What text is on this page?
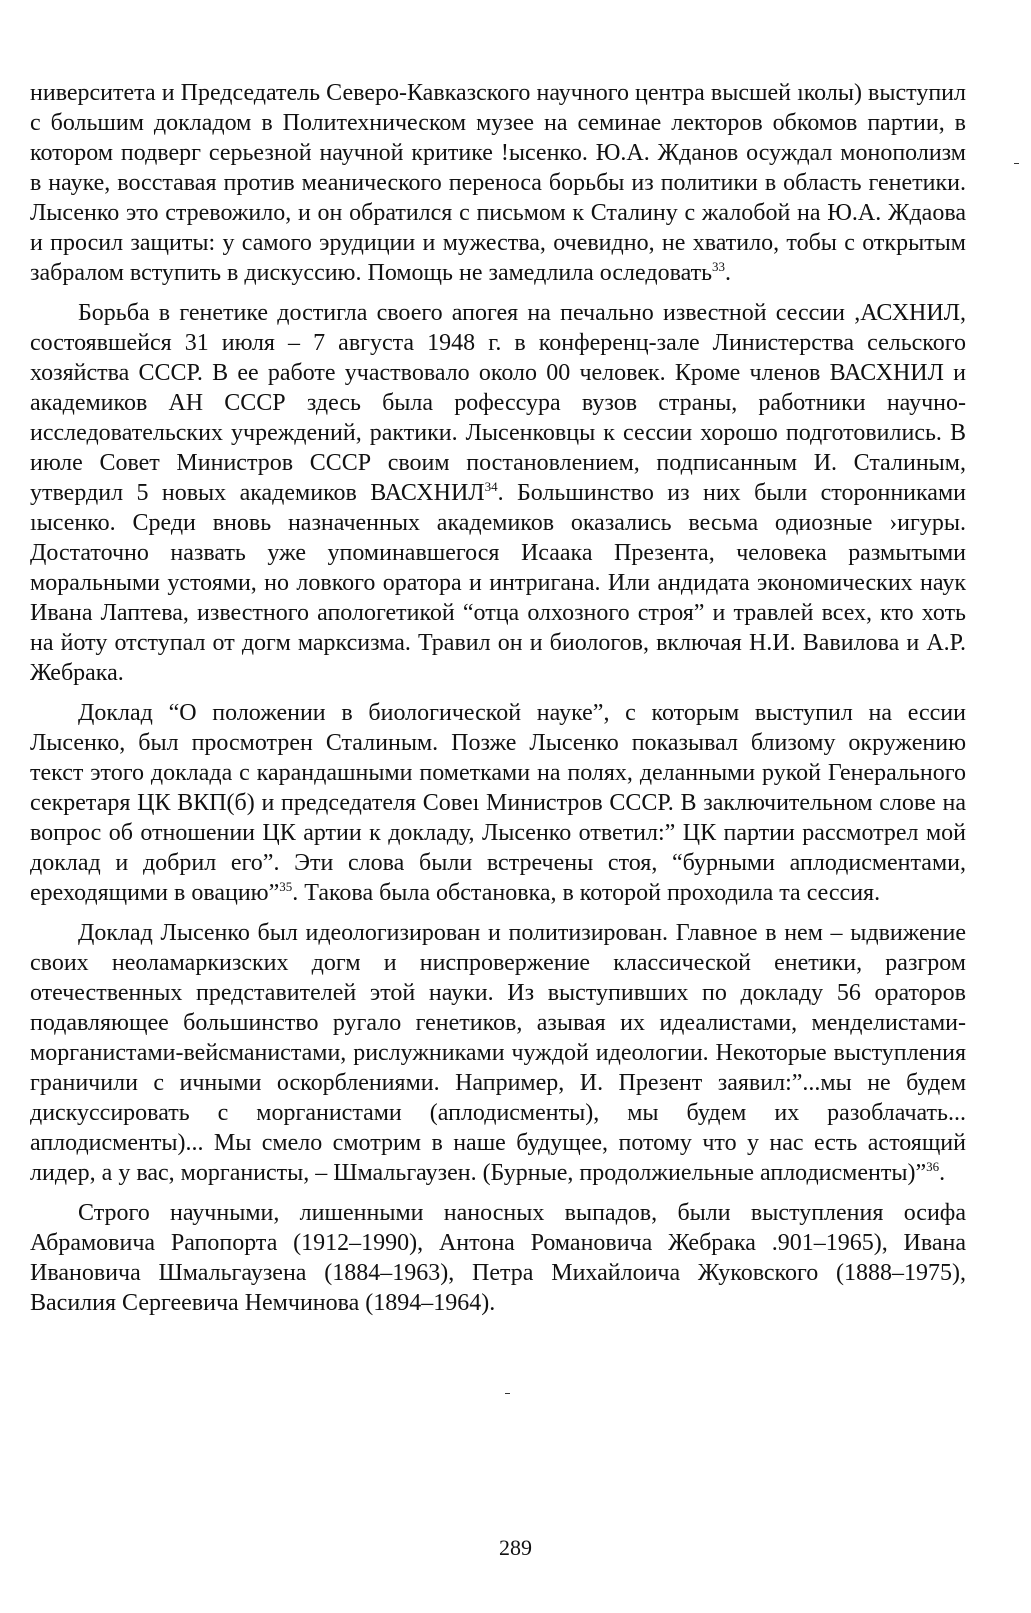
ниверситета и Председатель Северо-Кавказского научного центра высшей ıколы) выступил с большим докладом в Политехническом музее на семинае лекторов обкомов партии, в котором подверг серьезной научной критике !ысенко. Ю.А. Жданов осуждал монополизм в науке, восставая против меанического переноса борьбы из политики в область генетики. Лысенко это стревожило, и он обратился с письмом к Сталину с жалобой на Ю.А. Ждаова и просил защиты: у самого эрудиции и мужества, очевидно, не хватило, тобы с открытым забралом вступить в дискуссию. Помощь не замедлила оследовать$^{33}$.

Борьба в генетике достигла своего апогея на печально известной сессии ,АСХНИЛ, состоявшейся 31 июля – 7 августа 1948 г. в конференц-зале Линистерства сельского хозяйства СССР. В ее работе участвовало около 00 человек. Кроме членов ВАСХНИЛ и академиков АН СССР здесь была рофессура вузов страны, работники научно-исследовательских учреждений, рактики. Лысенковцы к сессии хорошо подготовились. В июле Совет Министров СССР своим постановлением, подписанным И. Сталиным, утвердил 5 новых академиков ВАСХНИЛ$^{34}$. Большинство из них были сторонниками ıысенко. Среди вновь назначенных академиков оказались весьма одиозные ›игуры. Достаточно назвать уже упоминавшегося Исаака Презента, человека размытыми моральными устоями, но ловкого оратора и интригана. Или андидата экономических наук Ивана Лаптева, известного апологетикой “отца олхозного строя” и травлей всех, кто хоть на йоту отступал от догм марксизма. Травил он и биологов, включая Н.И. Вавилова и А.Р. Жебрака.

Доклад “О положении в биологической науке”, с которым выступил на ессии Лысенко, был просмотрен Сталиным. Позже Лысенко показывал близому окружению текст этого доклада с карандашными пометками на полях, деланными рукой Генерального секретаря ЦК ВКП(б) и председателя Совеı Министров СССР. В заключительном слове на вопрос об отношении ЦК артии к докладу, Лысенко ответил:” ЦК партии рассмотрел мой доклад и добрил его”. Эти слова были встречены стоя, “бурными аплодисментами, ереходящими в овацию”$^{35}$. Такова была обстановка, в которой проходила та сессия.

Доклад Лысенко был идеологизирован и политизирован. Главное в нем – ыдвижение своих неоламаркизских догм и ниспровержение классической енетики, разгром отечественных представителей этой науки. Из выступивших по докладу 56 ораторов подавляющее большинство ругало генетиков, азывая их идеалистами, менделистами-морганистами-вейсманистами, рислужниками чуждой идеологии. Некоторые выступления граничили с ичными оскорблениями. Например, И. Презент заявил:”...мы не будем дискуссировать с морганистами (аплодисменты), мы будем их разоблачать... аплодисменты)... Мы смело смотрим в наше будущее, потому что у нас есть астоящий лидер, а у вас, морганисты, – Шмальгаузен. (Бурные, продолжиельные аплодисменты)”$^{36}$.

Строго научными, лишенными наносных выпадов, были выступления осифа Абрамовича Рапопорта (1912–1990), Антона Романовича Жебрака .901–1965), Ивана Ивановича Шмальгаузена (1884–1963), Петра Михайлоича Жуковского (1888–1975), Василия Сергеевича Немчинова (1894–1964).

289
